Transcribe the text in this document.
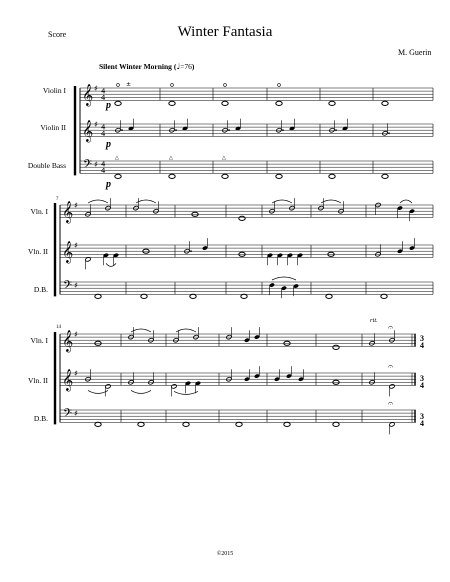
Score	Winter Fantasia
M. Guerin
Silent Winter Morning (♩=76)
Violin I
Violin II
Double Bass
p
p
p
7
Vln. I
Vln. II
D.B.
14
Vln. I
Vln. II
D.B.
rit.
3
4
3
4
3
4
©2015
𝄞 ♯ 4
4
𝄞 ♯ 4
4
𝄢 ♯ 4
4
△	△	△
±
𝄞 ♯
𝄞 ♯
𝄢 ♯
𝄞 ♯
𝄞 ♯
𝄢 ♯
𝄐
𝄐
𝄐
